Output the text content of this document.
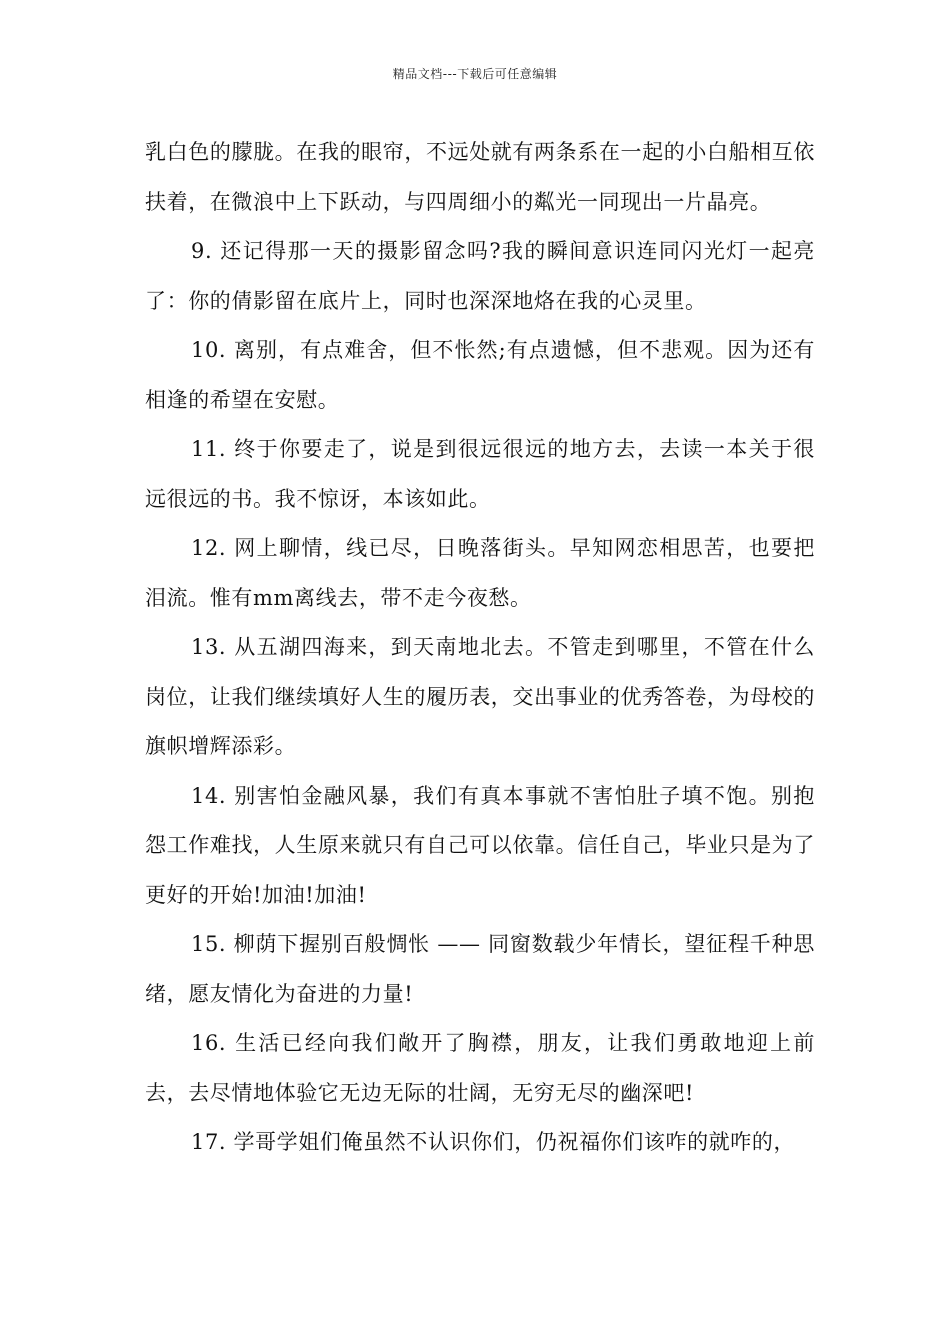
精品文档---下载后可任意编辑

乳白色的朦胧。在我的眼帘，不远处就有两条系在一起的小白船相互依扶着，在微浪中上下跃动，与四周细小的粼光一同现出一片晶亮。

9. 还记得那一天的摄影留念吗?我的瞬间意识连同闪光灯一起亮了：你的倩影留在底片上，同时也深深地烙在我的心灵里。

10. 离别，有点难舍，但不怅然;有点遗憾，但不悲观。因为还有相逢的希望在安慰。

11. 终于你要走了，说是到很远很远的地方去，去读一本关于很远很远的书。我不惊讶，本该如此。

12. 网上聊情，线已尽，日晚落街头。早知网恋相思苦，也要把泪流。惟有mm离线去，带不走今夜愁。

13. 从五湖四海来，到天南地北去。不管走到哪里，不管在什么岗位，让我们继续填好人生的履历表，交出事业的优秀答卷，为母校的旗帜增辉添彩。

14. 别害怕金融风暴，我们有真本事就不害怕肚子填不饱。别抱怨工作难找，人生原来就只有自己可以依靠。信任自己，毕业只是为了更好的开始!加油!加油!

15. 柳荫下握别百般惆怅 —— 同窗数载少年情长，望征程千种思绪，愿友情化为奋进的力量!

16. 生活已经向我们敞开了胸襟，朋友，让我们勇敢地迎上前去，去尽情地体验它无边无际的壮阔，无穷无尽的幽深吧!

17. 学哥学姐们俺虽然不认识你们，仍祝福你们该咋的就咋的，
